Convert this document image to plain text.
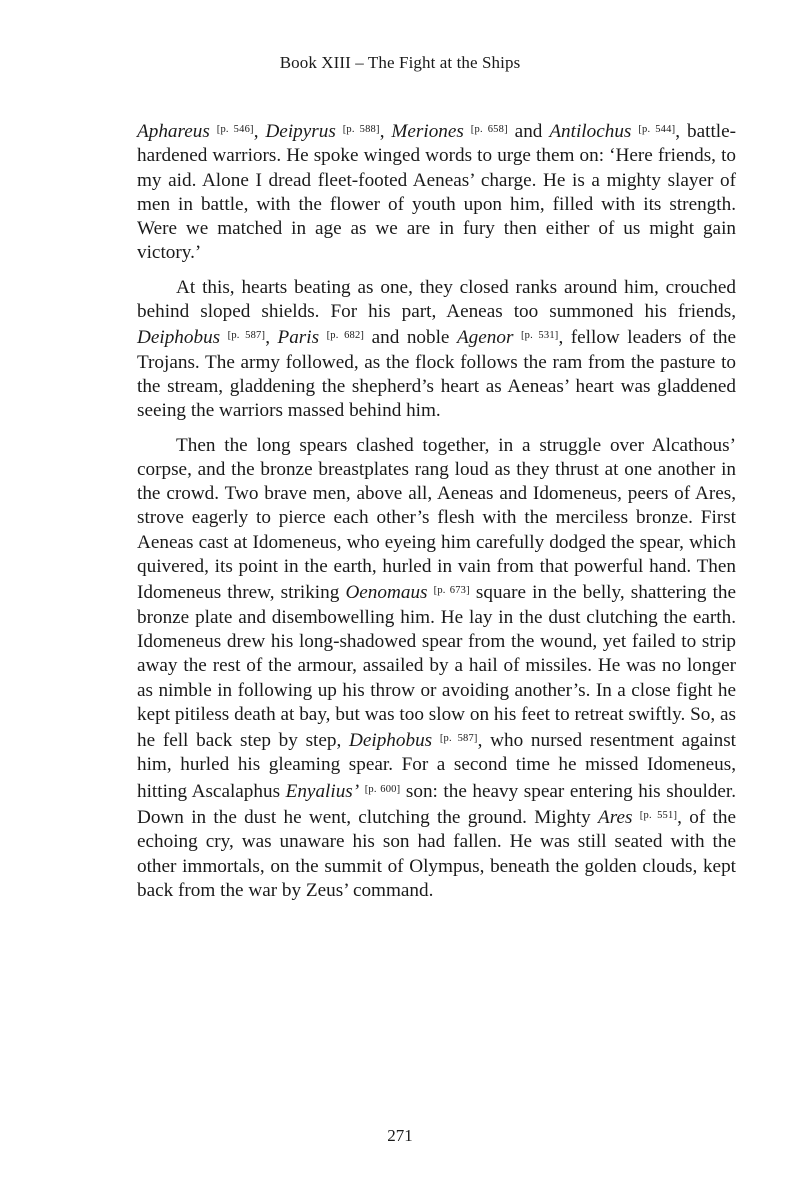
Book XIII – The Fight at the Ships

Aphareus [p. 546], Deipyrus [p. 588], Meriones [p. 658] and Antilochus [p. 544], battle-hardened warriors. He spoke winged words to urge them on: ‘Here friends, to my aid. Alone I dread fleet-footed Aeneas’ charge. He is a mighty slayer of men in battle, with the flower of youth upon him, filled with its strength. Were we matched in age as we are in fury then either of us might gain victory.’

At this, hearts beating as one, they closed ranks around him, crouched behind sloped shields. For his part, Aeneas too summoned his friends, Deiphobus [p. 587], Paris [p. 682] and noble Agenor [p. 531], fellow leaders of the Trojans. The army followed, as the flock follows the ram from the pasture to the stream, gladdening the shepherd’s heart as Aeneas’ heart was gladdened seeing the warriors massed behind him.

Then the long spears clashed together, in a struggle over Alcathous’ corpse, and the bronze breastplates rang loud as they thrust at one another in the crowd. Two brave men, above all, Aeneas and Idomeneus, peers of Ares, strove eagerly to pierce each other’s flesh with the merciless bronze. First Aeneas cast at Idomeneus, who eyeing him carefully dodged the spear, which quivered, its point in the earth, hurled in vain from that powerful hand. Then Idomeneus threw, striking Oenomaus [p. 673] square in the belly, shattering the bronze plate and disembowelling him. He lay in the dust clutching the earth. Idomeneus drew his long-shadowed spear from the wound, yet failed to strip away the rest of the armour, assailed by a hail of missiles. He was no longer as nimble in following up his throw or avoiding another’s. In a close fight he kept pitiless death at bay, but was too slow on his feet to retreat swiftly. So, as he fell back step by step, Deiphobus [p. 587], who nursed resentment against him, hurled his gleaming spear. For a second time he missed Idomeneus, hitting Ascalaphus Enyalius’ [p. 600] son: the heavy spear entering his shoulder. Down in the dust he went, clutching the ground. Mighty Ares [p. 551], of the echoing cry, was unaware his son had fallen. He was still seated with the other immortals, on the summit of Olympus, beneath the golden clouds, kept back from the war by Zeus’ command.

271
